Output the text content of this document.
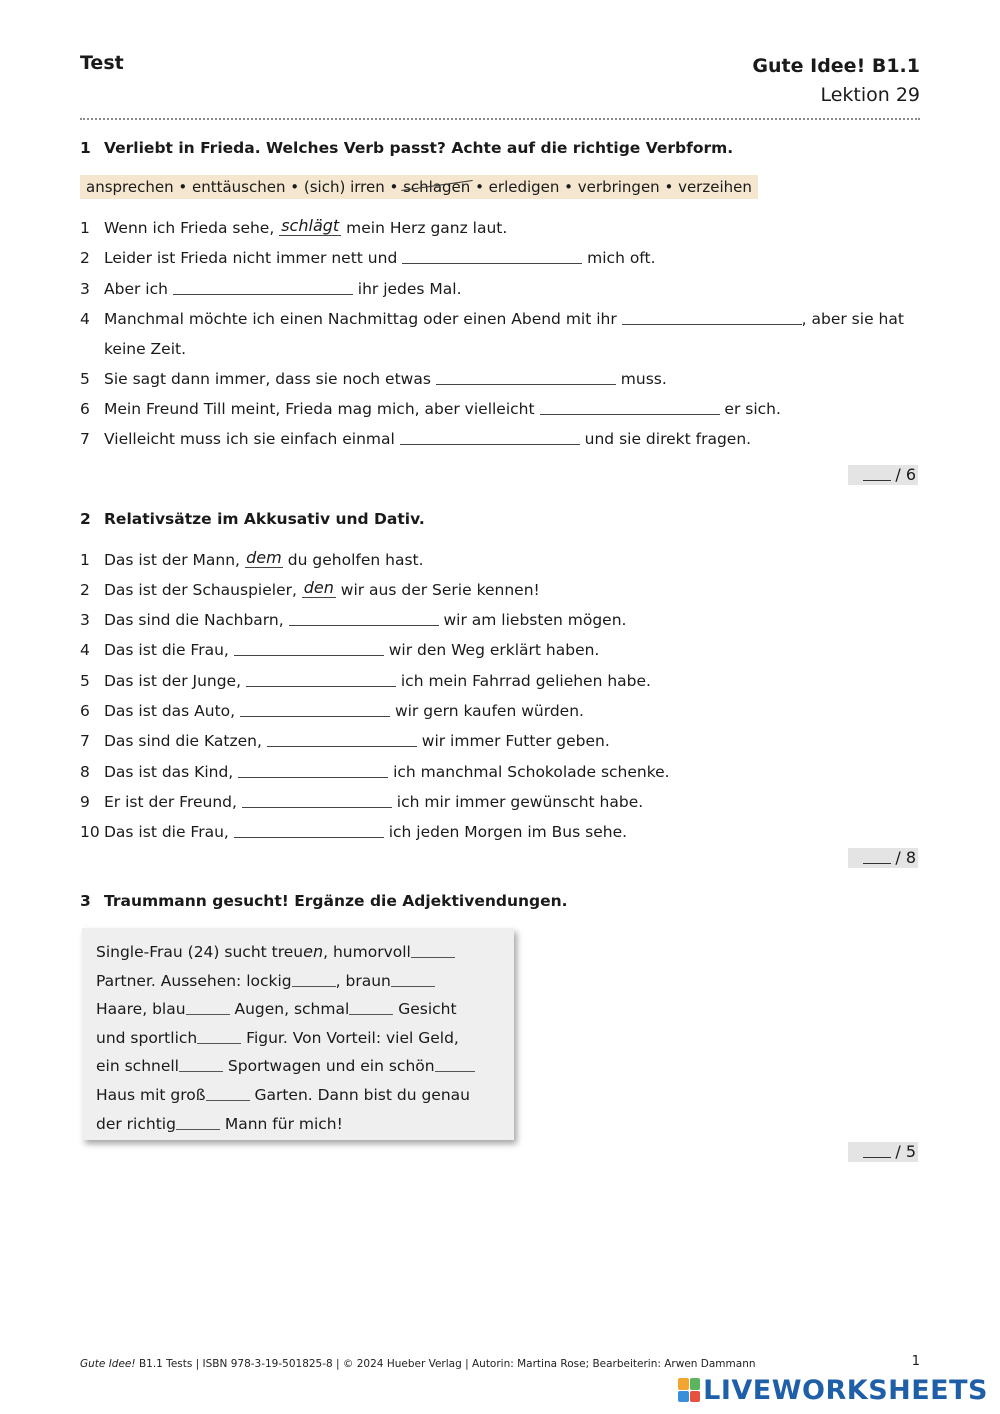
Test	Gute Idee! B1.1
Lektion 29
1 Verliebt in Frieda. Welches Verb passt? Achte auf die richtige Verbform.
ansprechen • enttäuschen • (sich) irren • schlagen • erledigen • verbringen • verzeihen
1 Wenn ich Frieda sehe, schlägt mein Herz ganz laut.
2 Leider ist Frieda nicht immer nett und	mich oft.
3 Aber ich	ihr jedes Mal.
4 Manchmal möchte ich einen Nachmittag oder einen Abend mit ihr	, aber sie hat
keine Zeit.
5 Sie sagt dann immer, dass sie noch etwas	muss.
6 Mein Freund Till meint, Frieda mag mich, aber vielleicht	er sich.
7 Vielleicht muss ich sie einfach einmal	und sie direkt fragen.
/ 6
2 Relativsätze im Akkusativ und Dativ.
1 Das ist der Mann, dem du geholfen hast.
2 Das ist der Schauspieler, den wir aus der Serie kennen!
3 Das sind die Nachbarn,	wir am liebsten mögen.
4 Das ist die Frau,	wir den Weg erklärt haben.
5 Das ist der Junge,	ich mein Fahrrad geliehen habe.
6 Das ist das Auto,	wir gern kaufen würden.
7 Das sind die Katzen,	wir immer Futter geben.
8 Das ist das Kind,	ich manchmal Schokolade schenke.
9 Er ist der Freund,	ich mir immer gewünscht habe.
10 Das ist die Frau,	ich jeden Morgen im Bus sehe.
/ 8
3 Traummann gesucht! Ergänze die Adjektivendungen.
Single-Frau (24) sucht treuen, humorvoll
Partner. Aussehen: lockig	, braun
Haare, blau	Augen, schmal	Gesicht
und sportlich	Figur. Von Vorteil: viel Geld,
ein schnell	Sportwagen und ein schön
Haus mit groß	Garten. Dann bist du genau
der richtig	Mann für mich!
/ 5
Gute Idee! B1.1 Tests | ISBN 978-3-19-501825-8 | © 2024 Hueber Verlag | Autorin: Martina Rose; Bearbeiterin: Arwen Dammann	1
LIVEWORKSHEETS
